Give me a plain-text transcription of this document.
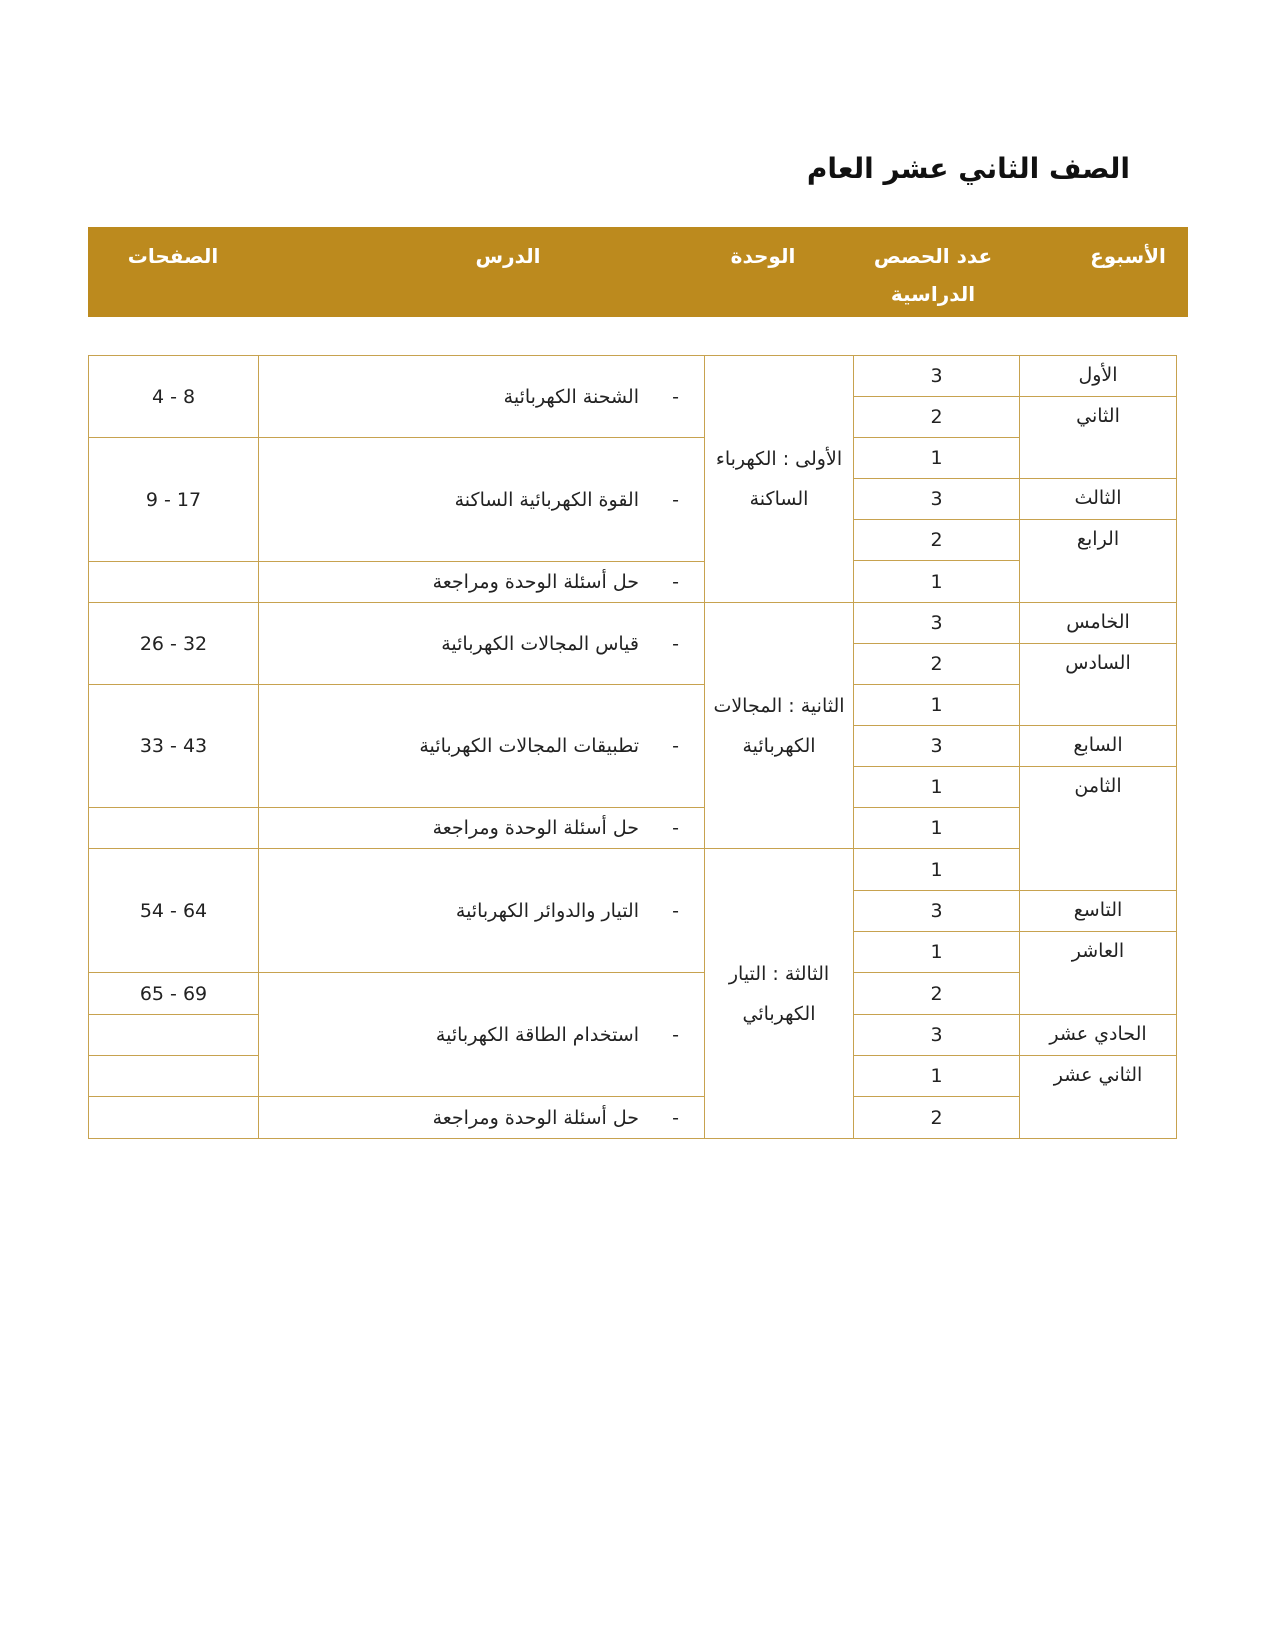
الصف الثاني عشر العام
الأسبوع
عدد الحصص الدراسية
الوحدة
الدرس
الصفحات
الأول
الثاني
الثالث
الرابع
الخامس
السادس
السابع
الثامن
التاسع
العاشر
الحادي عشر
الثاني عشر
3
2
1
3
2
1
3
2
1
3
1
1
1
3
1
2
3
1
2
الأولى : الكهرباء الساكنة
الثانية : المجالات الكهربائية
الثالثة : التيار الكهربائي
-
الشحنة الكهربائية
-
القوة الكهربائية الساكنة
-
حل أسئلة الوحدة ومراجعة
-
قياس المجالات الكهربائية
-
تطبيقات المجالات الكهربائية
-
حل أسئلة الوحدة ومراجعة
-
التيار والدوائر الكهربائية
-
استخدام الطاقة الكهربائية
-
حل أسئلة الوحدة ومراجعة
4 - 8
9 - 17
26 - 32
33 - 43
54 - 64
65 - 69
